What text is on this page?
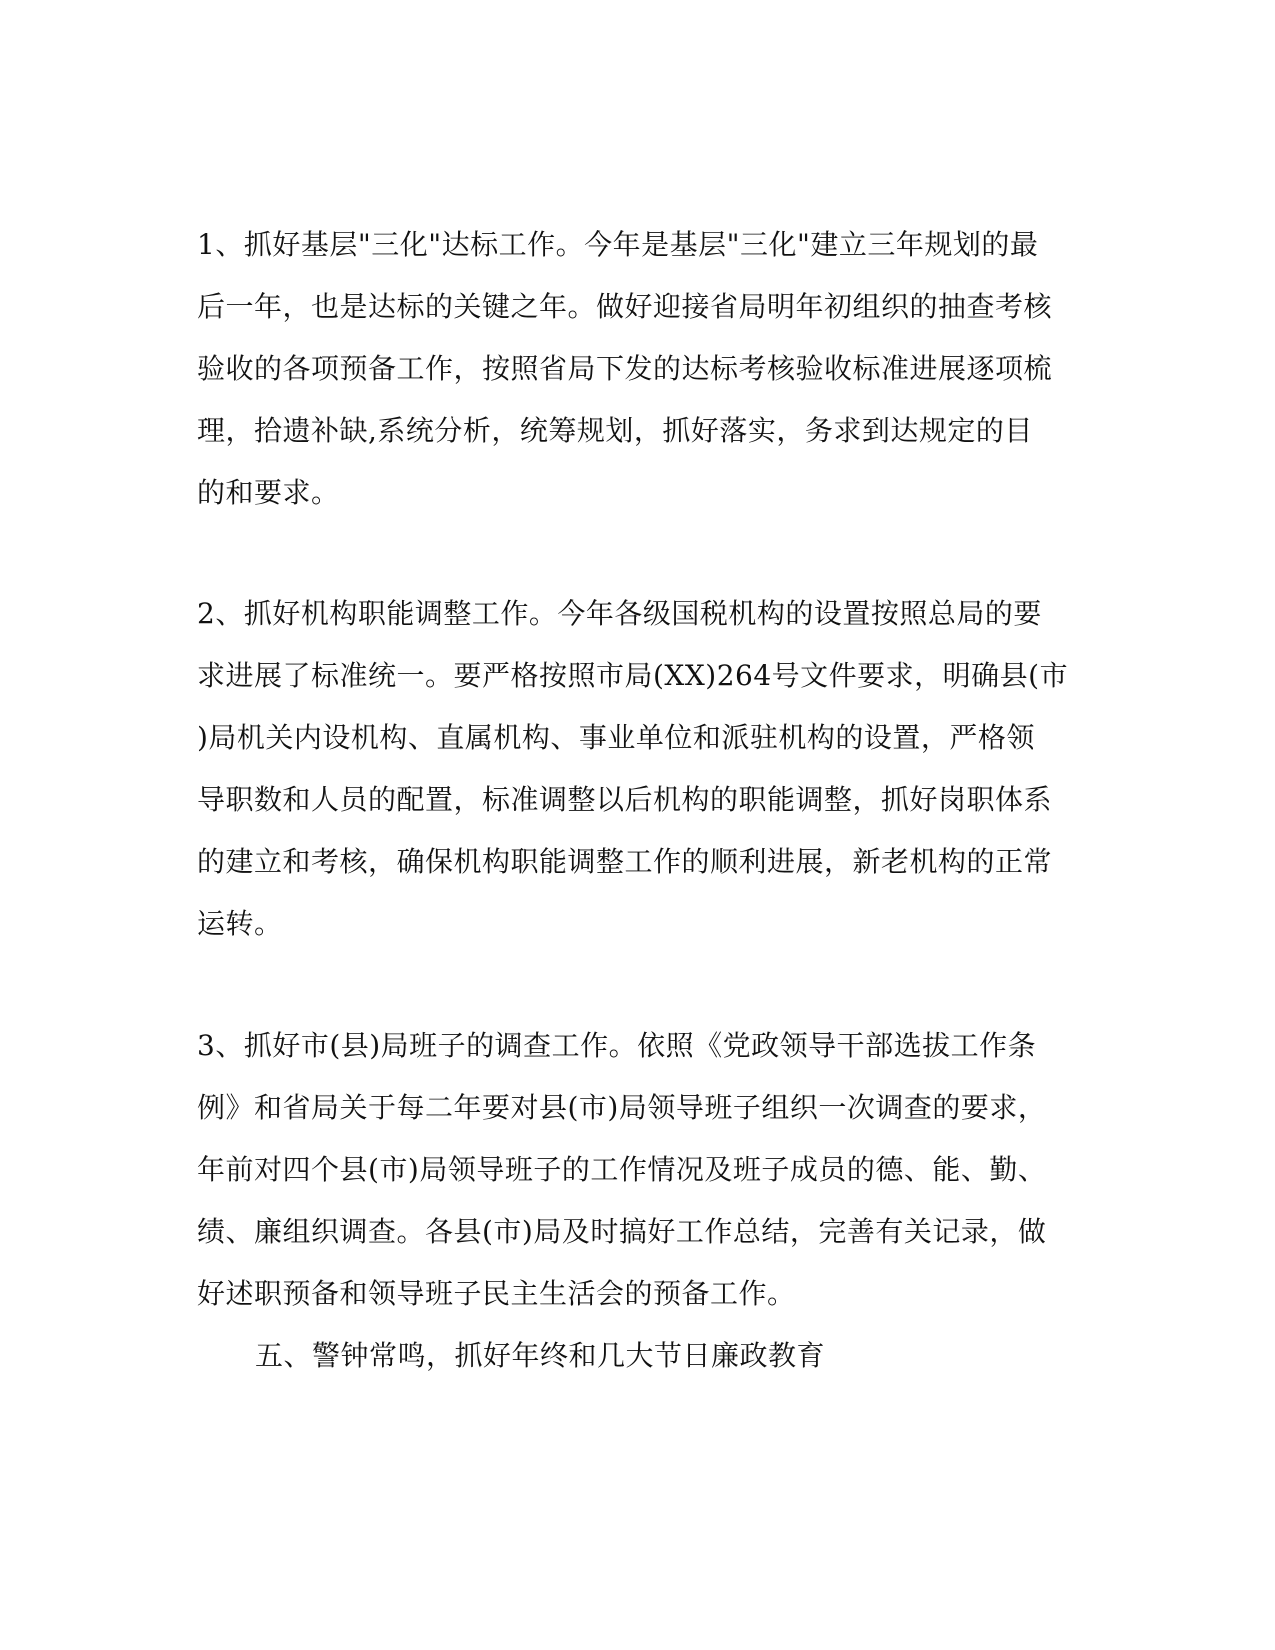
1、抓好基层"三化"达标工作。今年是基层"三化"建立三年规划的最
后一年，也是达标的关键之年。做好迎接省局明年初组织的抽查考核
验收的各项预备工作，按照省局下发的达标考核验收标准进展逐项梳
理，拾遗补缺,系统分析，统筹规划，抓好落实，务求到达规定的目
的和要求。
2、抓好机构职能调整工作。今年各级国税机构的设置按照总局的要
求进展了标准统一。要严格按照市局(XX)264号文件要求，明确县(市
)局机关内设机构、直属机构、事业单位和派驻机构的设置，严格领
导职数和人员的配置，标准调整以后机构的职能调整，抓好岗职体系
的建立和考核，确保机构职能调整工作的顺利进展，新老机构的正常
运转。
3、抓好市(县)局班子的调查工作。依照《党政领导干部选拔工作条
例》和省局关于每二年要对县(市)局领导班子组织一次调查的要求，
年前对四个县(市)局领导班子的工作情况及班子成员的德、能、勤、
绩、廉组织调查。各县(市)局及时搞好工作总结，完善有关记录，做
好述职预备和领导班子民主生活会的预备工作。
五、警钟常鸣，抓好年终和几大节日廉政教育
